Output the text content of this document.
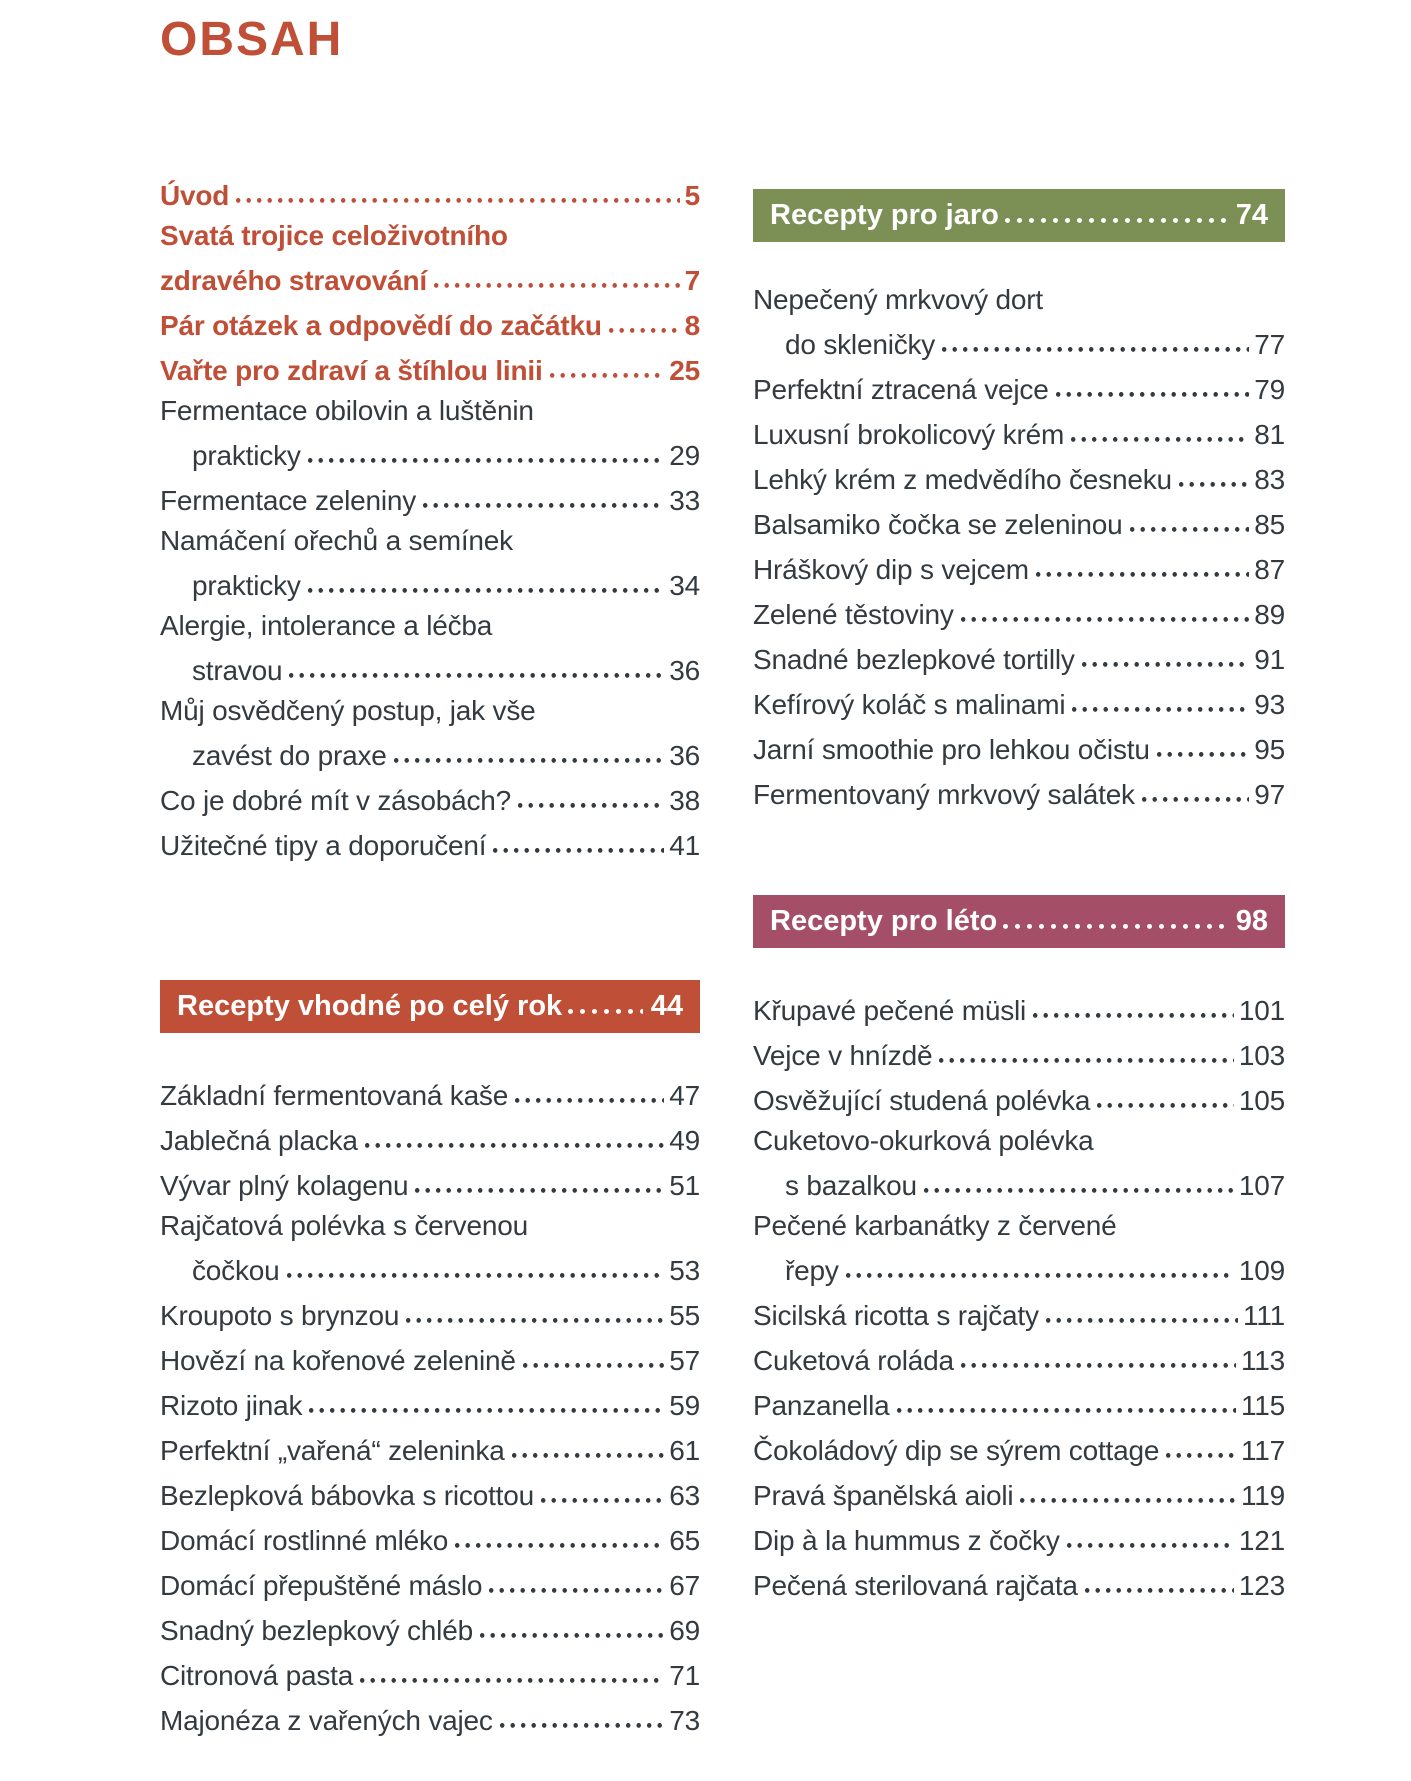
OBSAH
Úvod	5
Svatá trojice celoživotního
zdravého stravování	7
Pár otázek a odpovědí do začátku	8
Vařte pro zdraví a štíhlou linii	25
Fermentace obilovin a luštěnin
prakticky	29
Fermentace zeleniny	33
Namáčení ořechů a semínek
prakticky	34
Alergie, intolerance a léčba
stravou	36
Můj osvědčený postup, jak vše
zavést do praxe	36
Co je dobré mít v zásobách?	38
Užitečné tipy a doporučení	41
Recepty vhodné po celý rok	44
Základní fermentovaná kaše	47
Jablečná placka	49
Vývar plný kolagenu	51
Rajčatová polévka s červenou
čočkou	53
Kroupoto s brynzou	55
Hovězí na kořenové zelenině	57
Rizoto jinak	59
Perfektní „vařená“ zeleninka	61
Bezlepková bábovka s ricottou	63
Domácí rostlinné mléko	65
Domácí přepuštěné máslo	67
Snadný bezlepkový chléb	69
Citronová pasta	71
Majonéza z vařených vajec	73
Recepty pro jaro	74
Nepečený mrkvový dort
do skleničky	77
Perfektní ztracená vejce	79
Luxusní brokolicový krém	81
Lehký krém z medvědího česneku	83
Balsamiko čočka se zeleninou	85
Hráškový dip s vejcem	87
Zelené těstoviny	89
Snadné bezlepkové tortilly	91
Kefírový koláč s malinami	93
Jarní smoothie pro lehkou očistu	95
Fermentovaný mrkvový salátek	97
Recepty pro léto	98
Křupavé pečené müsli	101
Vejce v hnízdě	103
Osvěžující studená polévka	105
Cuketovo-okurková polévka
s bazalkou	107
Pečené karbanátky z červené
řepy	109
Sicilská ricotta s rajčaty	111
Cuketová roláda	113
Panzanella	115
Čokoládový dip se sýrem cottage	117
Pravá španělská aioli	119
Dip à la hummus z čočky	121
Pečená sterilovaná rajčata	123
